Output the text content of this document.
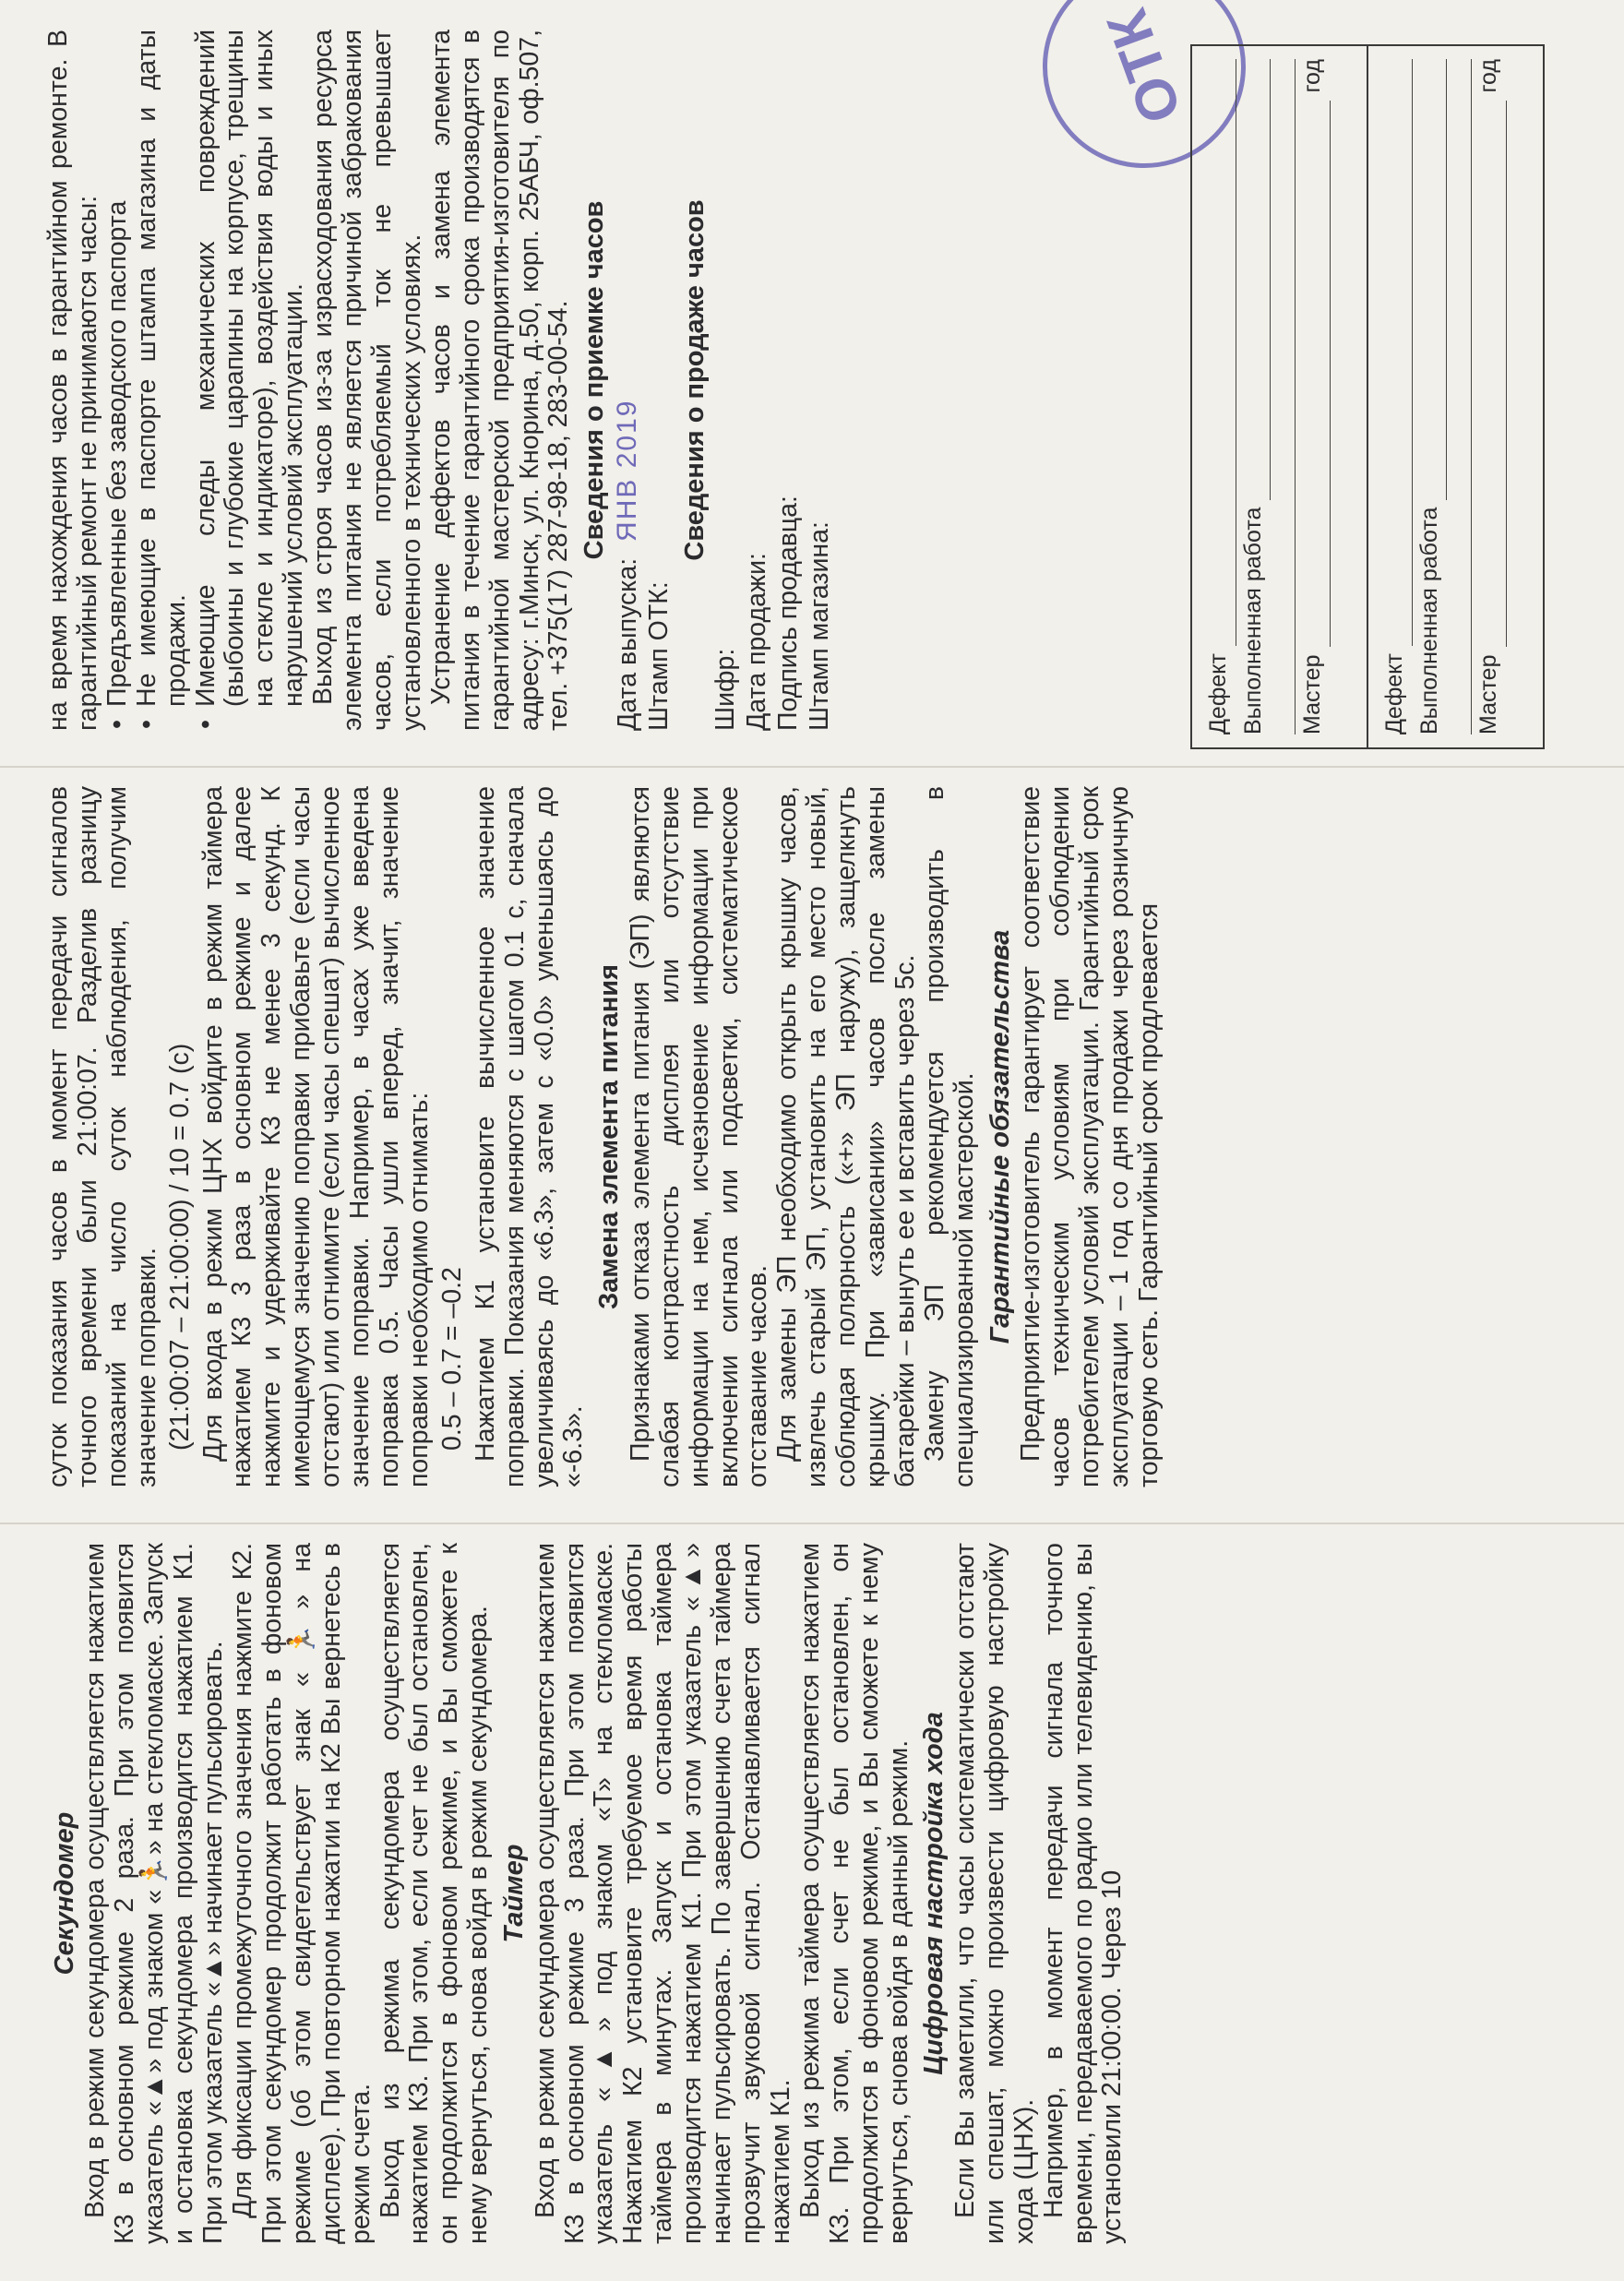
Секундомер Вход в режим секундомера осуществляется нажатием К3 в основном режиме 2 раза. При этом появится указатель «▲» под знаком «🏃» на стекломаске. Запуск и остановка секундомера производится нажатием К1. При этом указатель «▲» начинает пульсировать. Для фиксации промежуточного значения нажмите К2. При этом секундомер продолжит работать в фоновом режиме (об этом свидетельствует знак «🏃» на дисплее). При повторном нажатии на К2 Вы вернетесь в режим счета. Выход из режима секундомера осуществляется нажатием К3. При этом, если счет не был остановлен, он продолжится в фоновом режиме, и Вы сможете к нему вернуться, снова войдя в режим секундомера. Таймер Вход в режим секундомера осуществляется нажатием К3 в основном режиме 3 раза. При этом появится указатель «▲» под знаком «Т» на стекломаске. Нажатием К2 установите требуемое время работы таймера в минутах. Запуск и остановка таймера производится нажатием К1. При этом указатель «▲» начинает пульсировать. По завершению счета таймера прозвучит звуковой сигнал. Останавливается сигнал нажатием К1. Выход из режима таймера осуществляется нажатием К3. При этом, если счет не был остановлен, он продолжится в фоновом режиме, и Вы сможете к нему вернуться, снова войдя в данный режим. Цифровая настройка хода Если Вы заметили, что часы систематически отстают или спешат, можно произвести цифровую настройку хода (ЦНХ). Например, в момент передачи сигнала точного времени, передаваемого по радио или телевидению, вы установили 21:00:00. Через 10

суток показания часов в момент передачи сигналов точного времени были 21:00:07. Разделив разницу показаний на число суток наблюдения, получим значение поправки. (21:00:07 – 21:00:00) / 10 = 0.7 (с) Для входа в режим ЦНХ войдите в режим таймера нажатием К3 3 раза в основном режиме и далее нажмите и удерживайте К3 не менее 3 секунд. К имеющемуся значению поправки прибавьте (если часы отстают) или отнимите (если часы спешат) вычисленное значение поправки. Например, в часах уже введена поправка 0.5. Часы ушли вперед, значит, значение поправки необходимо отнимать: 0.5 – 0.7 = –0.2 Нажатием К1 установите вычисленное значение поправки. Показания меняются с шагом 0.1 с, сначала увеличиваясь до «6.3», затем с «0.0» уменьшаясь до «-6.3».

Замена элемента питания Признаками отказа элемента питания (ЭП) являются слабая контрастность дисплея или отсутствие информации на нем, исчезновение информации при включении сигнала или подсветки, систематическое отставание часов. Для замены ЭП необходимо открыть крышку часов, извлечь старый ЭП, установить на его место новый, соблюдая полярность («+» ЭП наружу), защелкнуть крышку. При «зависании» часов после замены батарейки – вынуть ее и вставить через 5с. Замену ЭП рекомендуется производить в специализированной мастерской. Гарантийные обязательства Предприятие-изготовитель гарантирует соответствие часов техническим условиям при соблюдении потребителем условий эксплуатации. Гарантийный срок эксплуатации – 1 год со дня продажи через розничную торговую сеть. Гарантийный срок продлевается

на время нахождения часов в гарантийном ремонте. В гарантийный ремонт не принимаются часы: • Предъявленные без заводского паспорта • Не имеющие в паспорте штампа магазина и даты продажи. • Имеющие следы механических повреждений (выбоины и глубокие царапины на корпусе, трещины на стекле и индикаторе), воздействия воды и иных нарушений условий эксплуатации. Выход из строя часов из-за израсходования ресурса элемента питания не является причиной забракования часов, если потребляемый ток не превышает установленного в технических условиях. Устранение дефектов часов и замена элемента питания в течение гарантийного срока производятся в гарантийной мастерской предприятия-изготовителя по адресу: г.Минск, ул. Кнорина, д.50, корп. 25АБЧ, оф.507, тел. +375(17) 287-98-18, 283-00-54. Сведения о приемке часов
Дата выпуска: ЯНВ 2019
Штамп ОТК:
Сведения о продаже часов
Шифр: Дата продажи: Подпись продавца: Штамп магазина:
ОТК
Дефект Выполненная работа Мастер
год
Дефект Выполненная работа Мастер
год
